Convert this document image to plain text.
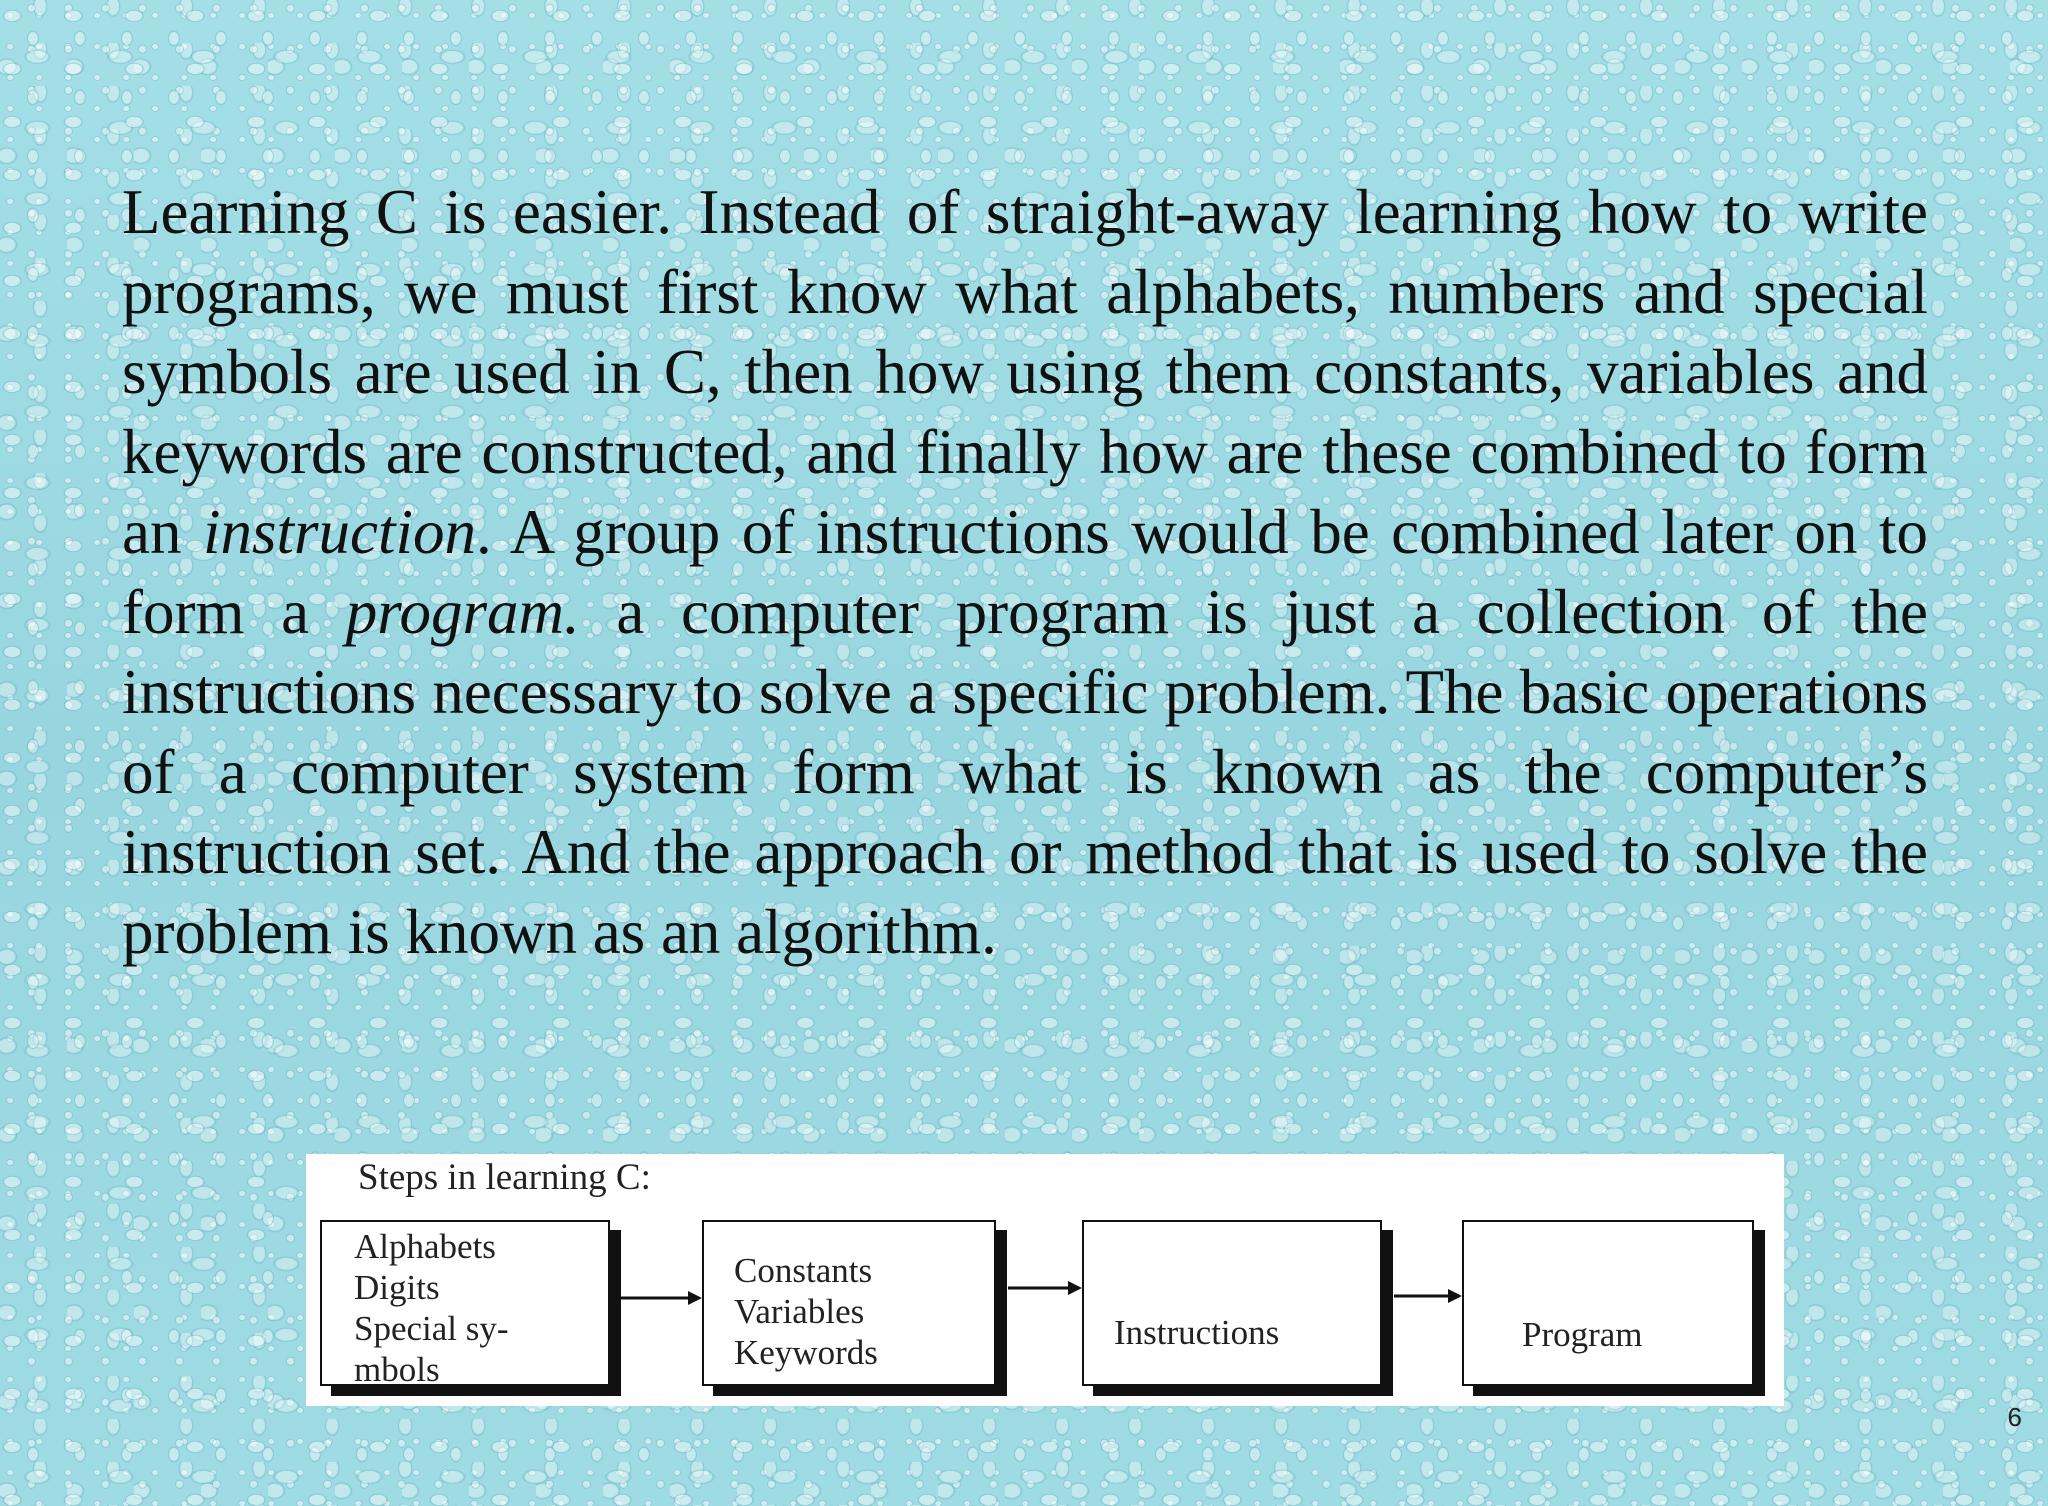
Learning C is easier. Instead of straight-away learning how to write programs, we must first know what alphabets, numbers and special symbols are used in C, then how using them constants, variables and keywords are constructed, and finally how are these combined to form an instruction. A group of instructions would be combined later on to form a program. a computer program is just a collection of the instructions necessary to solve a specific problem. The basic operations of a computer system form what is known as the computer’s instruction set. And the approach or method that is used to solve the problem is known as an algorithm.

Steps in learning C:
Alphabets
Digits
Special sy-
mbols
Constants
Variables
Keywords
Instructions	Program
6
